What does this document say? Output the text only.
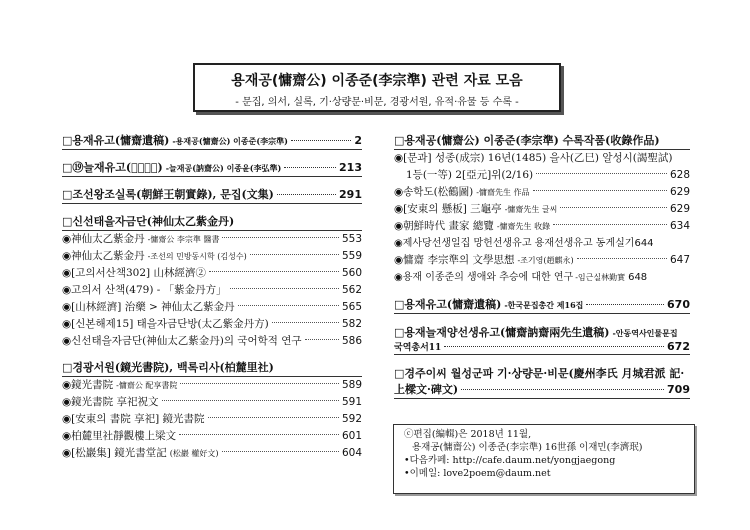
용재공(慵齋公) 이종준(李宗準) 관련 자료 모음
- 문집, 의서, 실록, 기·상량문·비문, 경광서원, 유적·유물 등 수록 -
□용재유고(慵齋遺稿) -용재공(慵齋公) 이종준(李宗準)	2
□⑲늘재유고(𧩌齋遺稿) -늘재공(訥齋公) 이종윤(李弘準)	213
□조선왕조실록(朝鮮王朝實錄), 문집(文集)	291
□신선태을자금단(神仙太乙紫金丹)
◉神仙太乙紫金丹 -慵齋公 李宗準 醫書	553
◉神仙太乙紫金丹 -조선의 민방동시학 (김성수)	559
◉[고의서산책302] 山林經濟②	560
◉고의서 산책(479) - 「紫金丹方」	562
◉[山林經濟] 治藥 > 神仙太乙紫金丹	565
◉[신본해제15] 태을자금단방(太乙紫金丹方)	582
◉신선태을자금단(神仙太乙紫金丹)의 국어학적 연구	586
□경광서원(鏡光書院), 백록리사(柏麓里社)
◉鏡光書院 -慵齋公 配享書院	589
◉鏡光書院 享祀祝文	591
◉[安東의 書院 享祀] 鏡光書院	592
◉柏麓里社靜觀樓上梁文	601
◉[松巖集] 鏡光書堂記 (松巖 權好文)	604
□용재공(慵齋公) 이종준(李宗準) 수록작품(收錄作品)
◉[문과] 성종(成宗) 16년(1485) 을사(乙巳) 알성시(謁聖試)
1등(一等) 2[亞元]위(2/16)	628
◉송학도(松鶴圖) -慵齋先生 作品	629
◉[安東의 懸板] 三龜亭 -慵齋先生 글씨	629
◉朝鮮時代 畫家 總覽 -慵齋先生 收錄	634
◉제사당선생일집 망헌선생유고 용재선생유고 동게실기 644
◉慵齋 李宗準의 文學思想 -조기영(趙麒永)	647
◉용재 이종준의 생애와 추승에 대한 연구 -임근실林勤實 648
□용재유고(慵齋遺稿) -한국문집총간 제16집	670
□용재늘재양선생유고(慵齋訥齋兩先生遺稿) -안동역사인물문집
국역총서11	672
□경주이씨 월성군파 기·상량문·비문(慶州李氏 月城君派 記·
上樑文·碑文)	709
ⓒ편집(編輯)은 2018년 11월,
용재공(慵齋公) 이종준(李宗準) 16世孫 이재민(李濟珉)
•다음카페: http://cafe.daum.net/yongjaegong
•이메일: love2poem@daum.net
